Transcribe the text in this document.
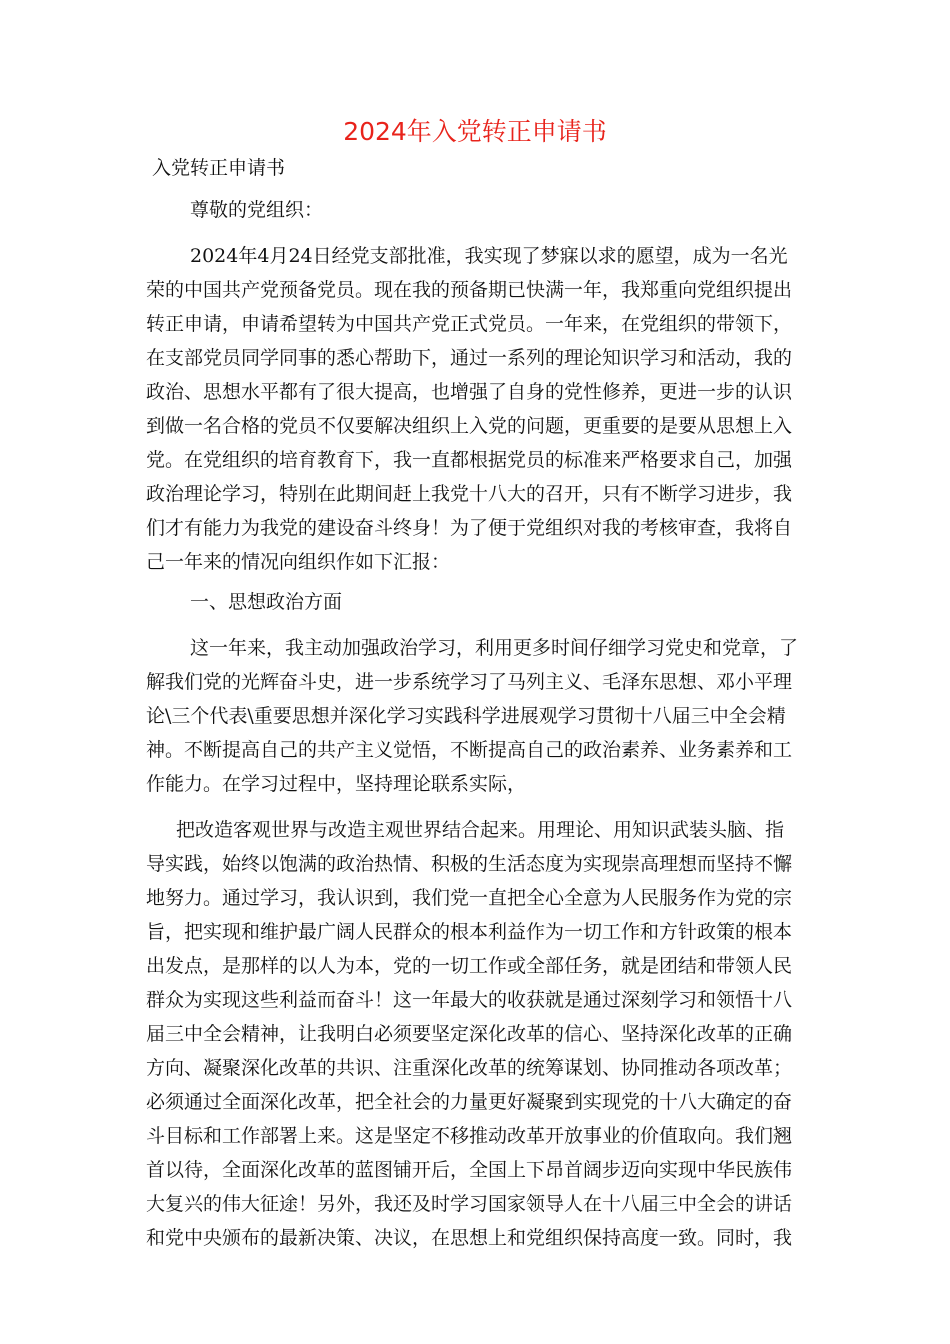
2024年入党转正申请书
入党转正申请书
尊敬的党组织：
2024年4月24日经党支部批准，我实现了梦寐以求的愿望，成为一名光
荣的中国共产党预备党员。现在我的预备期已快满一年，我郑重向党组织提出
转正申请，申请希望转为中国共产党正式党员。一年来，在党组织的带领下，
在支部党员同学同事的悉心帮助下，通过一系列的理论知识学习和活动，我的
政治、思想水平都有了很大提高，也增强了自身的党性修养，更进一步的认识
到做一名合格的党员不仅要解决组织上入党的问题，更重要的是要从思想上入
党。在党组织的培育教育下，我一直都根据党员的标准来严格要求自己，加强
政治理论学习，特别在此期间赶上我党十八大的召开，只有不断学习进步，我
们才有能力为我党的建设奋斗终身！为了便于党组织对我的考核审查，我将自
己一年来的情况向组织作如下汇报：
一、思想政治方面
这一年来，我主动加强政治学习，利用更多时间仔细学习党史和党章，了
解我们党的光辉奋斗史，进一步系统学习了马列主义、毛泽东思想、邓小平理
论\三个代表\重要思想并深化学习实践科学进展观学习贯彻十八届三中全会精
神。不断提高自己的共产主义觉悟，不断提高自己的政治素养、业务素养和工
作能力。在学习过程中，坚持理论联系实际，
把改造客观世界与改造主观世界结合起来。用理论、用知识武装头脑、指
导实践，始终以饱满的政治热情、积极的生活态度为实现崇高理想而坚持不懈
地努力。通过学习，我认识到，我们党一直把全心全意为人民服务作为党的宗
旨，把实现和维护最广阔人民群众的根本利益作为一切工作和方针政策的根本
出发点，是那样的以人为本，党的一切工作或全部任务，就是团结和带领人民
群众为实现这些利益而奋斗！这一年最大的收获就是通过深刻学习和领悟十八
届三中全会精神，让我明白必须要坚定深化改革的信心、坚持深化改革的正确
方向、凝聚深化改革的共识、注重深化改革的统筹谋划、协同推动各项改革；
必须通过全面深化改革，把全社会的力量更好凝聚到实现党的十八大确定的奋
斗目标和工作部署上来。这是坚定不移推动改革开放事业的价值取向。我们翘
首以待，全面深化改革的蓝图铺开后，全国上下昂首阔步迈向实现中华民族伟
大复兴的伟大征途！另外，我还及时学习国家领导人在十八届三中全会的讲话
和党中央颁布的最新决策、决议，在思想上和党组织保持高度一致。同时，我
